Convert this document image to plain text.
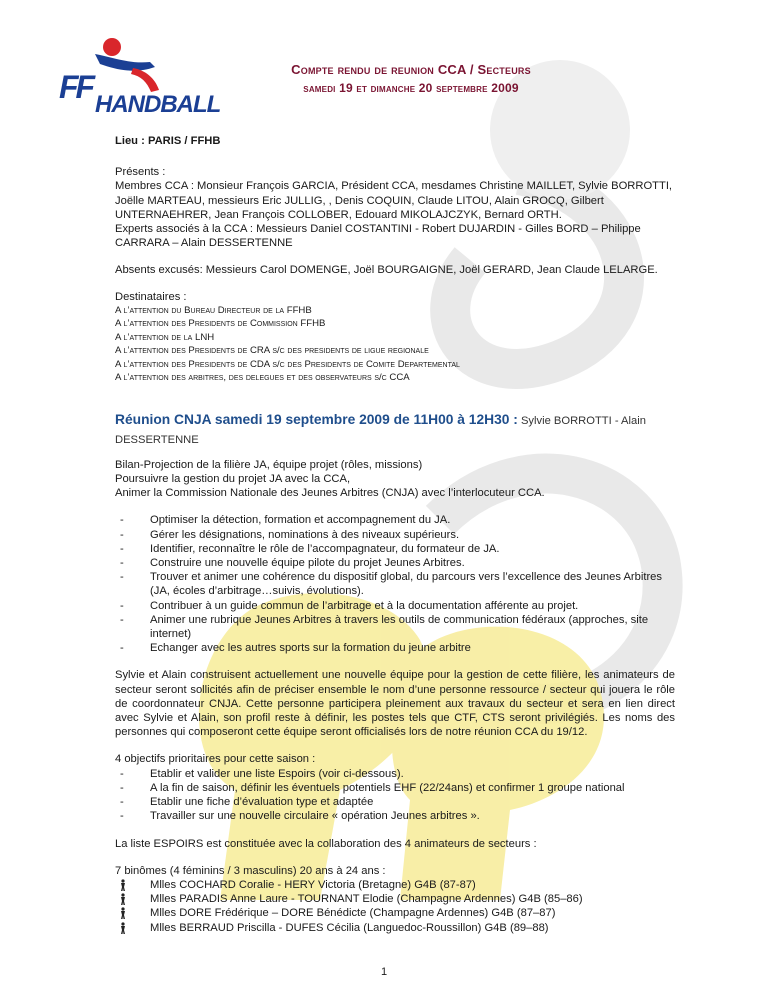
FF HANDBALL
Compte rendu de reunion CCA / Secteurs
samedi 19 et dimanche 20 septembre 2009

Lieu : PARIS / FFHB

Présents :

Membres CCA : Monsieur François GARCIA, Président CCA, mesdames Christine MAILLET, Sylvie BORROTTI, Joëlle MARTEAU, messieurs Eric JULLIG, , Denis COQUIN, Claude LITOU, Alain GROCQ, Gilbert UNTERNAEHRER, Jean François COLLOBER, Edouard MIKOLAJCZYK, Bernard ORTH.

Experts associés à la CCA : Messieurs Daniel COSTANTINI - Robert DUJARDIN - Gilles BORD – Philippe CARRARA – Alain DESSERTENNE

Absents excusés: Messieurs Carol DOMENGE, Joël BOURGAIGNE, Joël GERARD, Jean Claude LELARGE.

Destinataires :

A l’attention du Bureau Directeur de la FFHB
A l’attention des Presidents de Commission FFHB
A l’attention de la LNH
A l’attention des Presidents de CRA s/c des presidents de ligue regionale
A l’attention des Presidents de CDA s/c des Presidents de Comite Departemental
A l’attention des arbitres, des delegues et des observateurs s/c CCA
Réunion CNJA samedi 19 septembre 2009 de 11H00 à 12H30 : Sylvie BORROTTI - Alain DESSERTENNE

Bilan-Projection de la filière JA, équipe projet (rôles, missions)

Poursuivre la gestion du projet JA avec la CCA,

Animer la Commission Nationale des Jeunes Arbitres (CNJA) avec l’interlocuteur CCA.

- Optimiser la détection, formation et accompagnement du JA.
- Gérer les désignations, nominations à des niveaux supérieurs.
- Identifier, reconnaître le rôle de l’accompagnateur, du formateur de JA.
- Construire une nouvelle équipe pilote du projet Jeunes Arbitres.
- Trouver et animer une cohérence du dispositif global, du parcours vers l’excellence des Jeunes Arbitres (JA, écoles d’arbitrage…suivis, évolutions).
- Contribuer à un guide commun de l’arbitrage et à la documentation afférente au projet.
- Animer une rubrique Jeunes Arbitres à travers les outils de communication fédéraux (approches, site internet)
- Echanger avec les autres sports sur la formation du jeune arbitre

Sylvie et Alain construisent actuellement une nouvelle équipe pour la gestion de cette filière, les animateurs de secteur seront sollicités afin de préciser ensemble le nom d’une personne ressource / secteur qui jouera le rôle de coordonnateur CNJA. Cette personne participera pleinement aux travaux du secteur et sera en lien direct avec Sylvie et Alain, son profil reste à définir, les postes tels que CTF, CTS seront privilégiés. Les noms des personnes qui composeront cette équipe seront officialisés lors de notre réunion CCA du 19/12.

4 objectifs prioritaires pour cette saison :

- Etablir et valider une liste Espoirs (voir ci-dessous).
- A la fin de saison, définir les éventuels potentiels EHF (22/24ans) et confirmer 1 groupe national
- Etablir une fiche d’évaluation type et adaptée
- Travailler sur une nouvelle circulaire « opération Jeunes arbitres ».

La liste ESPOIRS est constituée avec la collaboration des 4 animateurs de secteurs :

7 binômes (4 féminins / 3 masculins) 20 ans à 24 ans :

Mlles COCHARD Coralie - HERY Victoria (Bretagne) G4B (87-87)
Mlles PARADIS Anne Laure - TOURNANT Elodie (Champagne Ardennes) G4B (85–86)
Mlles DORE Frédérique – DORE Bénédicte (Champagne Ardennes) G4B (87–87)
Mlles BERRAUD Priscilla - DUFES Cécilia (Languedoc-Roussillon) G4B (89–88)
1
